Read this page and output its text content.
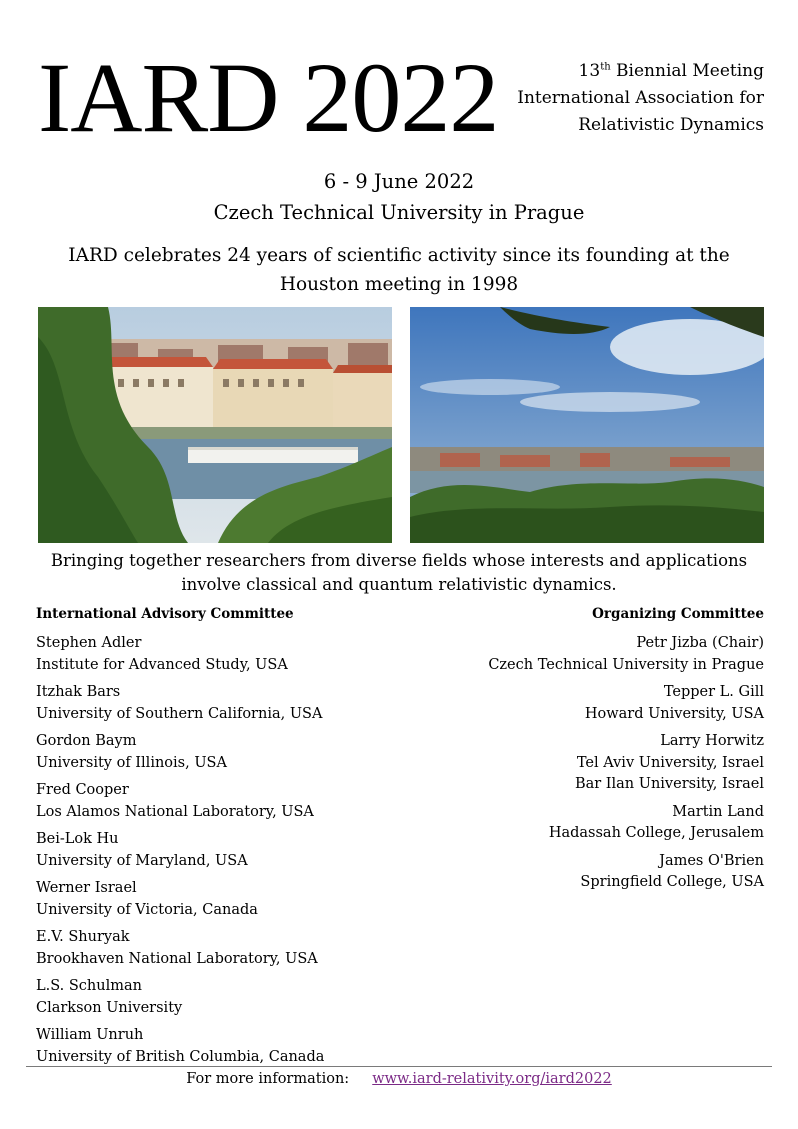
IARD 2022	13th Biennial Meeting
International Association for
Relativistic Dynamics
6 - 9 June 2022
Czech Technical University in Prague
IARD celebrates 24 years of scientific activity since its founding at the Houston meeting in 1998
Bringing together researchers from diverse fields whose interests and applications involve classical and quantum relativistic dynamics.
International Advisory Committee	Organizing Committee
Stephen Adler
Institute for Advanced Study, USA
Itzhak Bars
University of Southern California, USA
Gordon Baym
University of Illinois, USA
Fred Cooper
Los Alamos National Laboratory, USA
Bei-Lok Hu
University of Maryland, USA
Werner Israel
University of Victoria, Canada
E.V. Shuryak
Brookhaven National Laboratory, USA
L.S. Schulman
Clarkson University
William Unruh
University of British Columbia, Canada
Petr Jizba (Chair)
Czech Technical University in Prague
Tepper L. Gill
Howard University, USA
Larry Horwitz
Tel Aviv University, Israel
Bar Ilan University, Israel
Martin Land
Hadassah College, Jerusalem
James O'Brien
Springfield College, USA
For more information: www.iard-relativity.org/iard2022
